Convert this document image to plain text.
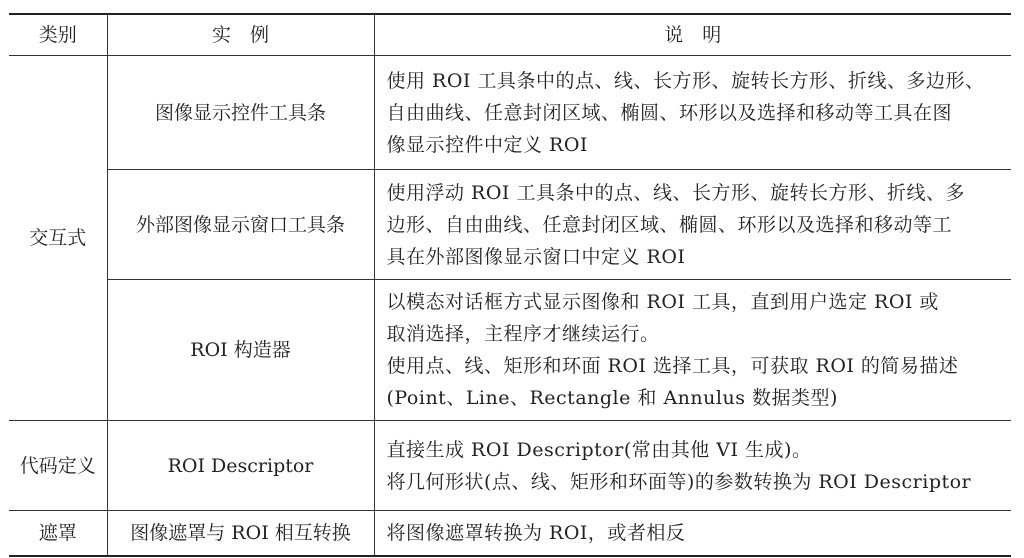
类别	实　例	说　明
交互式	图像显示控件工具条	使用 ROI 工具条中的点、线、长方形、旋转长方形、折线、多边形、
自由曲线、任意封闭区域、椭圆、环形以及选择和移动等工具在图
像显示控件中定义 ROI

	外部图像显示窗口工具条	使用浮动 ROI 工具条中的点、线、长方形、旋转长方形、折线、多
边形、自由曲线、任意封闭区域、椭圆、环形以及选择和移动等工
具在外部图像显示窗口中定义 ROI

	ROI 构造器	以模态对话框方式显示图像和 ROI 工具，直到用户选定 ROI 或
取消选择，主程序才继续运行。
使用点、线、矩形和环面 ROI 选择工具，可获取 ROI 的简易描述
(Point、Line、Rectangle 和 Annulus 数据类型)

代码定义	ROI Descriptor	直接生成 ROI Descriptor(常由其他 VI 生成)。
将几何形状(点、线、矩形和环面等)的参数转换为 ROI Descriptor

遮罩	图像遮罩与 ROI 相互转换	将图像遮罩转换为 ROI，或者相反
